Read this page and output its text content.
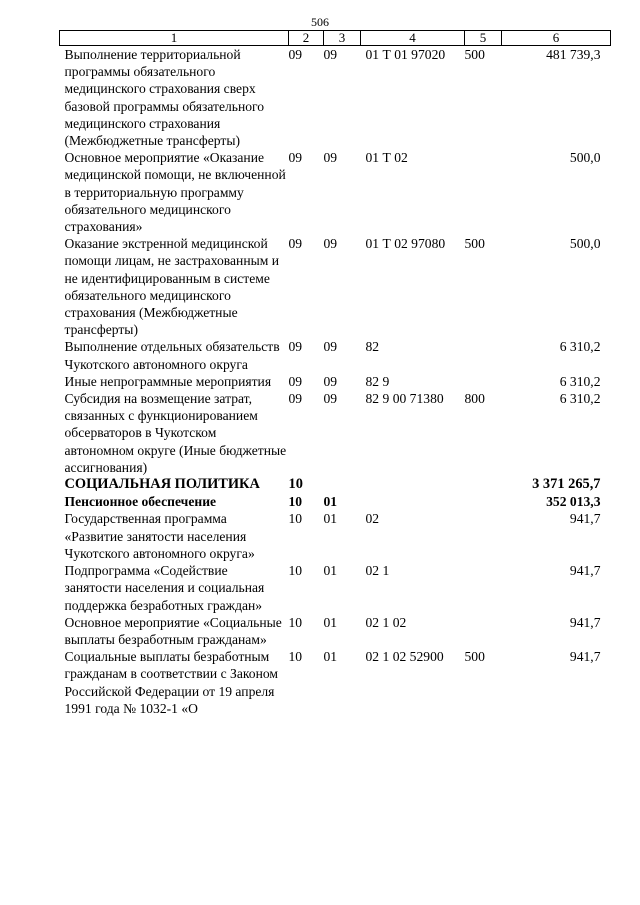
506
1	2	3	4	5	6
Выполнение территориальной программы обязательного медицинского страхования сверх базовой программы обязательного медицинского страхования (Межбюджетные трансферты)	09	09	01 Т 01 97020	500	481 739,3
Основное мероприятие «Оказание медицинской помощи, не включенной в территориальную программу обязательного медицинского страхования»	09	09	01 Т 02		500,0
Оказание экстренной медицинской помощи лицам, не застрахованным и не идентифицированным в системе обязательного медицинского страхования (Межбюджетные трансферты)	09	09	01 Т 02 97080	500	500,0
Выполнение отдельных обязательств Чукотского автономного округа	09	09	82		6 310,2
Иные непрограммные мероприятия	09	09	82 9		6 310,2
Субсидия на возмещение затрат, связанных с функционированием обсерваторов в Чукотском автономном округе (Иные бюджетные ассигнования)	09	09	82 9 00 71380	800	6 310,2
СОЦИАЛЬНАЯ ПОЛИТИКА	10				3 371 265,7
Пенсионное обеспечение	10	01			352 013,3
Государственная программа «Развитие занятости населения Чукотского автономного округа»	10	01	02		941,7
Подпрограмма «Содействие занятости населения и социальная поддержка безработных граждан»	10	01	02 1		941,7
Основное мероприятие «Социальные выплаты безработным гражданам»	10	01	02 1 02		941,7
Социальные выплаты безработным гражданам в соответствии с Законом Российской Федерации от 19 апреля 1991 года № 1032-1 «О	10	01	02 1 02 52900	500	941,7
